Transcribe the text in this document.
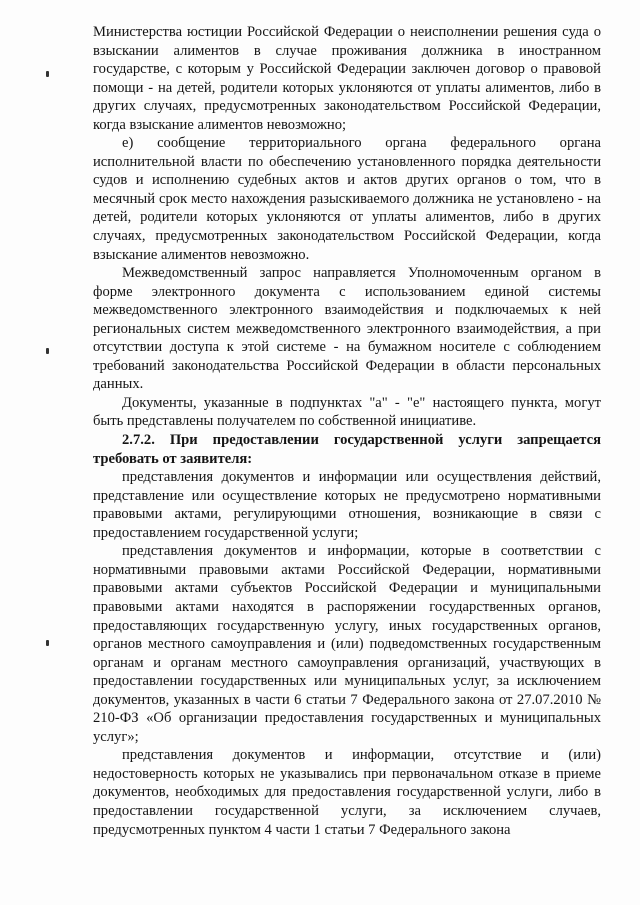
Министерства юстиции Российской Федерации о неисполнении решения суда о взыскании алиментов в случае проживания должника в иностранном государстве, с которым у Российской Федерации заключен договор о правовой помощи - на детей, родители которых уклоняются от уплаты алиментов, либо в других случаях, предусмотренных законодательством Российской Федерации, когда взыскание алиментов невозможно;

е) сообщение территориального органа федерального органа исполнительной власти по обеспечению установленного порядка деятельности судов и исполнению судебных актов и актов других органов о том, что в месячный срок место нахождения разыскиваемого должника не установлено - на детей, родители которых уклоняются от уплаты алиментов, либо в других случаях, предусмотренных законодательством Российской Федерации, когда взыскание алиментов невозможно.

Межведомственный запрос направляется Уполномоченным органом в форме электронного документа с использованием единой системы межведомственного электронного взаимодействия и подключаемых к ней региональных систем межведомственного электронного взаимодействия, а при отсутствии доступа к этой системе - на бумажном носителе с соблюдением требований законодательства Российской Федерации в области персональных данных.

Документы, указанные в подпунктах "а" - "е" настоящего пункта, могут быть представлены получателем по собственной инициативе.

2.7.2. При предоставлении государственной услуги запрещается требовать от заявителя:

представления документов и информации или осуществления действий, представление или осуществление которых не предусмотрено нормативными правовыми актами, регулирующими отношения, возникающие в связи с предоставлением государственной услуги;

представления документов и информации, которые в соответствии с нормативными правовыми актами Российской Федерации, нормативными правовыми актами субъектов Российской Федерации и муниципальными правовыми актами находятся в распоряжении государственных органов, предоставляющих государственную услугу, иных государственных органов, органов местного самоуправления и (или) подведомственных государственным органам и органам местного самоуправления организаций, участвующих в предоставлении государственных или муниципальных услуг, за исключением документов, указанных в части 6 статьи 7 Федерального закона от 27.07.2010 № 210-ФЗ «Об организации предоставления государственных и муниципальных услуг»;

представления документов и информации, отсутствие и (или) недостоверность которых не указывались при первоначальном отказе в приеме документов, необходимых для предоставления государственной услуги, либо в предоставлении государственной услуги, за исключением случаев, предусмотренных пунктом 4 части 1 статьи 7 Федерального закона
